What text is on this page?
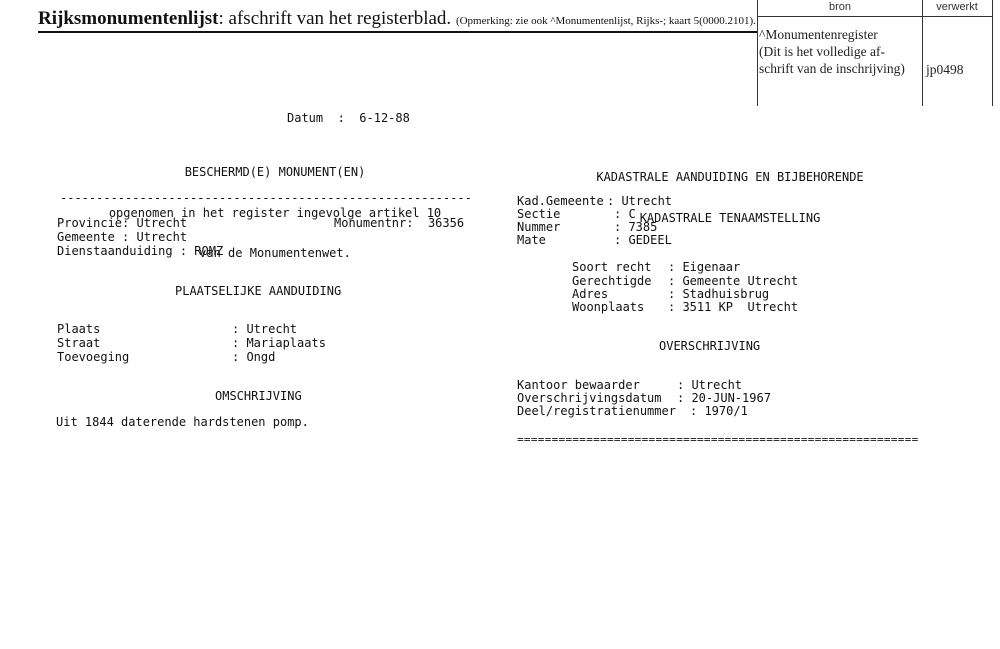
Rijksmonumentenlijst: afschrift van het registerblad. (Opmerking: zie ook ^Monumentenlijst, Rijks-; kaart 5(0000.2101).
bron	verwerkt
^Monumentenregister
(Dit is het volledige af-
schrift van de inschrijving)	jp0498
Datum : 6-12-88

BESCHERMD(E) MONUMENT(EN)

opgenomen in het register ingevolge artikel 10

van de Monumentenwet.

---------------------------------------------------------
Provincie: Utrecht	Monumentnr: 36356
Gemeente : Utrecht
Dienstaanduiding : ROMZ
PLAATSELIJKE AANDUIDING
Plaats	: Utrecht
Straat	: Mariaplaats
Toevoeging	: Ongd
OMSCHRIJVING
Uit 1844 daterende hardstenen pomp.

KADASTRALE AANDUIDING EN BIJBEHORENDE

KADASTRALE TENAAMSTELLING

Kad.Gemeente : Utrecht
Sectie	: C
Nummer	: 7385
Mate	: GEDEEL
Soort recht : Eigenaar
Gerechtigde : Gemeente Utrecht
Adres	: Stadhuisbrug
Woonplaats : 3511 KP  Utrecht
OVERSCHRIJVING
Kantoor bewaarder	: Utrecht
Overschrijvingsdatum : 20-JUN-1967
Deel/registratienummer : 1970/1
==========================================================
